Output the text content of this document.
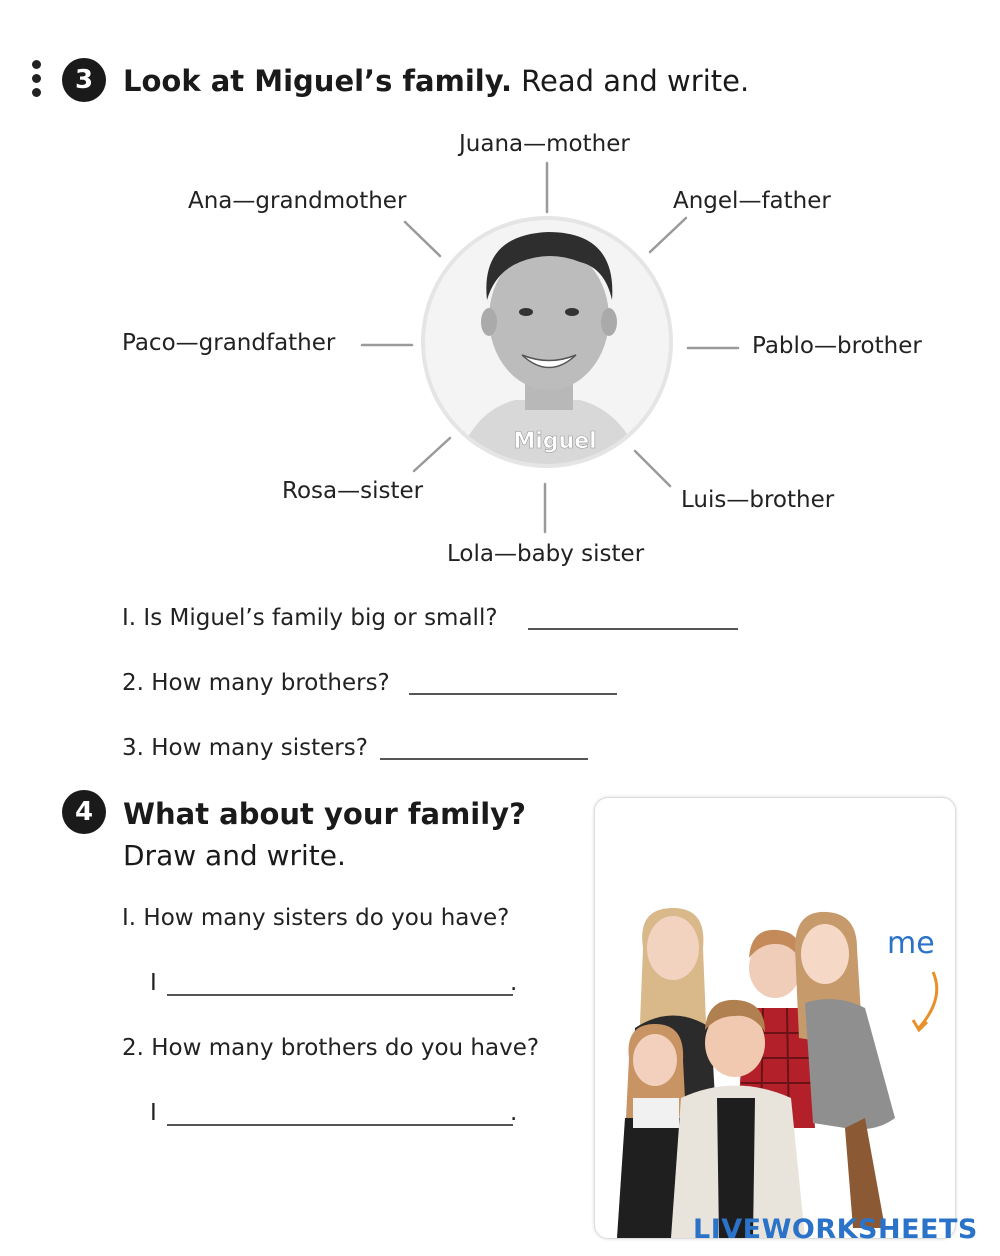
3	Look at Miguel’s family. Read and write.
Miguel
Juana—mother
Ana—grandmother	Angel—father
Paco—grandfather	Pablo—brother
Rosa—sister	Luis—brother
Lola—baby sister
I. Is Miguel’s family big or small?
2. How many brothers?
3. How many sisters?
4	What about your family?
Draw and write.
I. How many sisters do you have?
I	.
2. How many brothers do you have?
I	.
me
LIVEWORKSHEETS
